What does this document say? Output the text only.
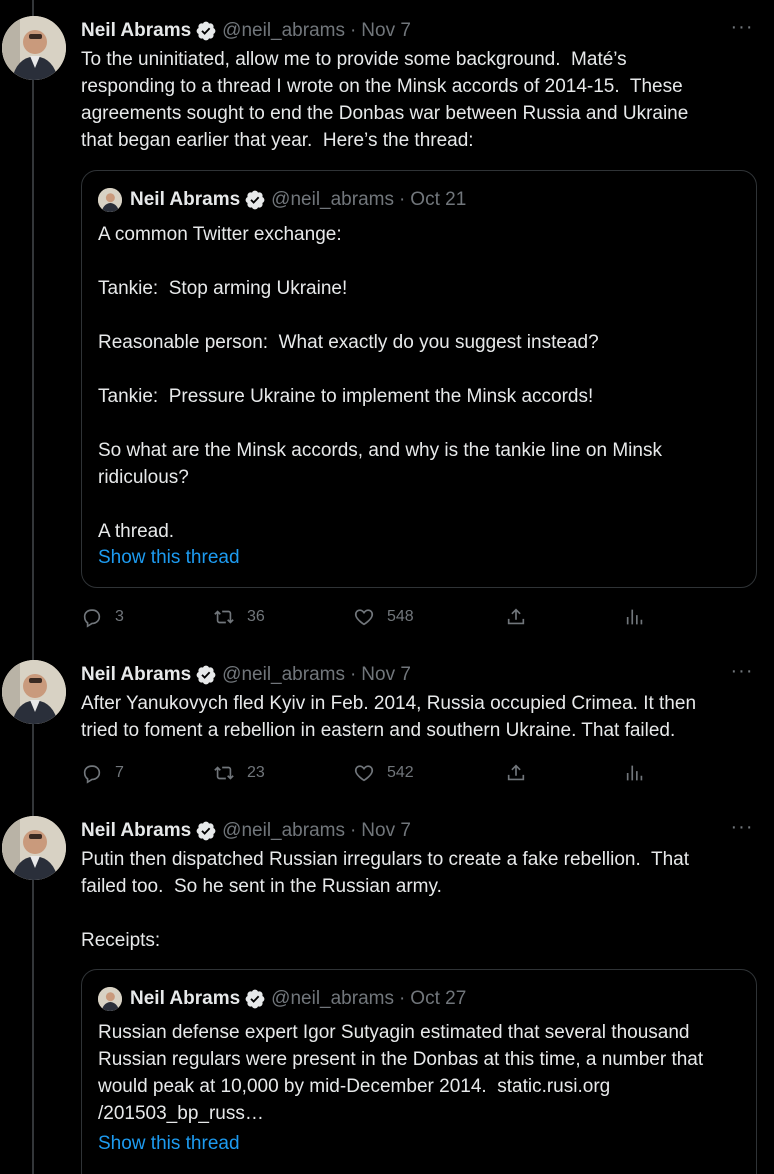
Neil Abrams @neil_abrams · Nov 7	···
To the uninitiated, allow me to provide some background.  Maté’s
responding to a thread I wrote on the Minsk accords of 2014-15.  These
agreements sought to end the Donbas war between Russia and Ukraine
that began earlier that year.  Here’s the thread:
Neil Abrams @neil_abrams · Oct 21
A common Twitter exchange:

Tankie:  Stop arming Ukraine!

Reasonable person:  What exactly do you suggest instead?

Tankie:  Pressure Ukraine to implement the Minsk accords!

So what are the Minsk accords, and why is the tankie line on Minsk
ridiculous?

A thread.
Show this thread
3	36	548
Neil Abrams @neil_abrams · Nov 7	···
After Yanukovych fled Kyiv in Feb. 2014, Russia occupied Crimea. It then
tried to foment a rebellion in eastern and southern Ukraine. That failed.
7	23	542
Neil Abrams @neil_abrams · Nov 7	···
Putin then dispatched Russian irregulars to create a fake rebellion.  That
failed too.  So he sent in the Russian army.

Receipts:
Neil Abrams @neil_abrams · Oct 27
Russian defense expert Igor Sutyagin estimated that several thousand
Russian regulars were present in the Donbas at this time, a number that
would peak at 10,000 by mid-December 2014.  static.rusi.org
/201503_bp_russ…
Show this thread
